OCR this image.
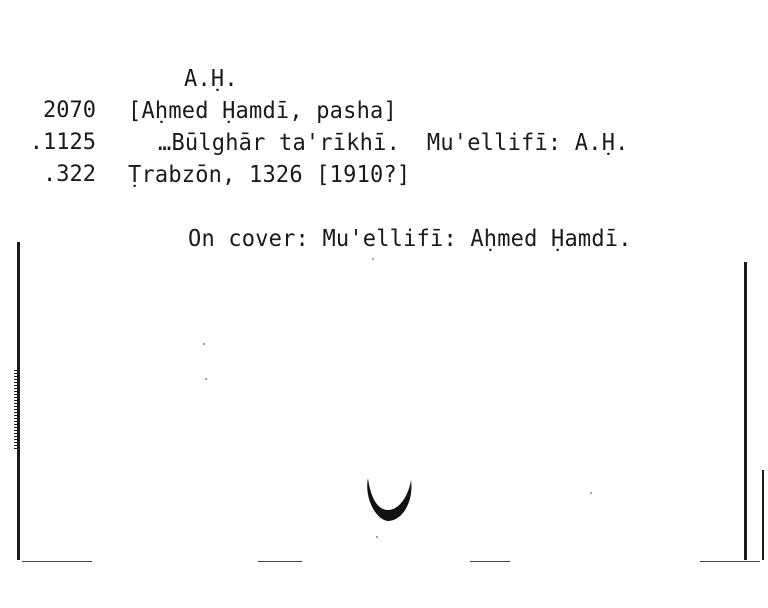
A.Ḥ.
2070
.1125
.322
[Aḥmed Ḥamdī, pasha]
…Būlghār ta'rīkhī.  Mu'ellifī: A.Ḥ.
Ṭrabzōn, 1326 [1910?]
On cover: Mu'ellifī: Aḥmed Ḥamdī.
